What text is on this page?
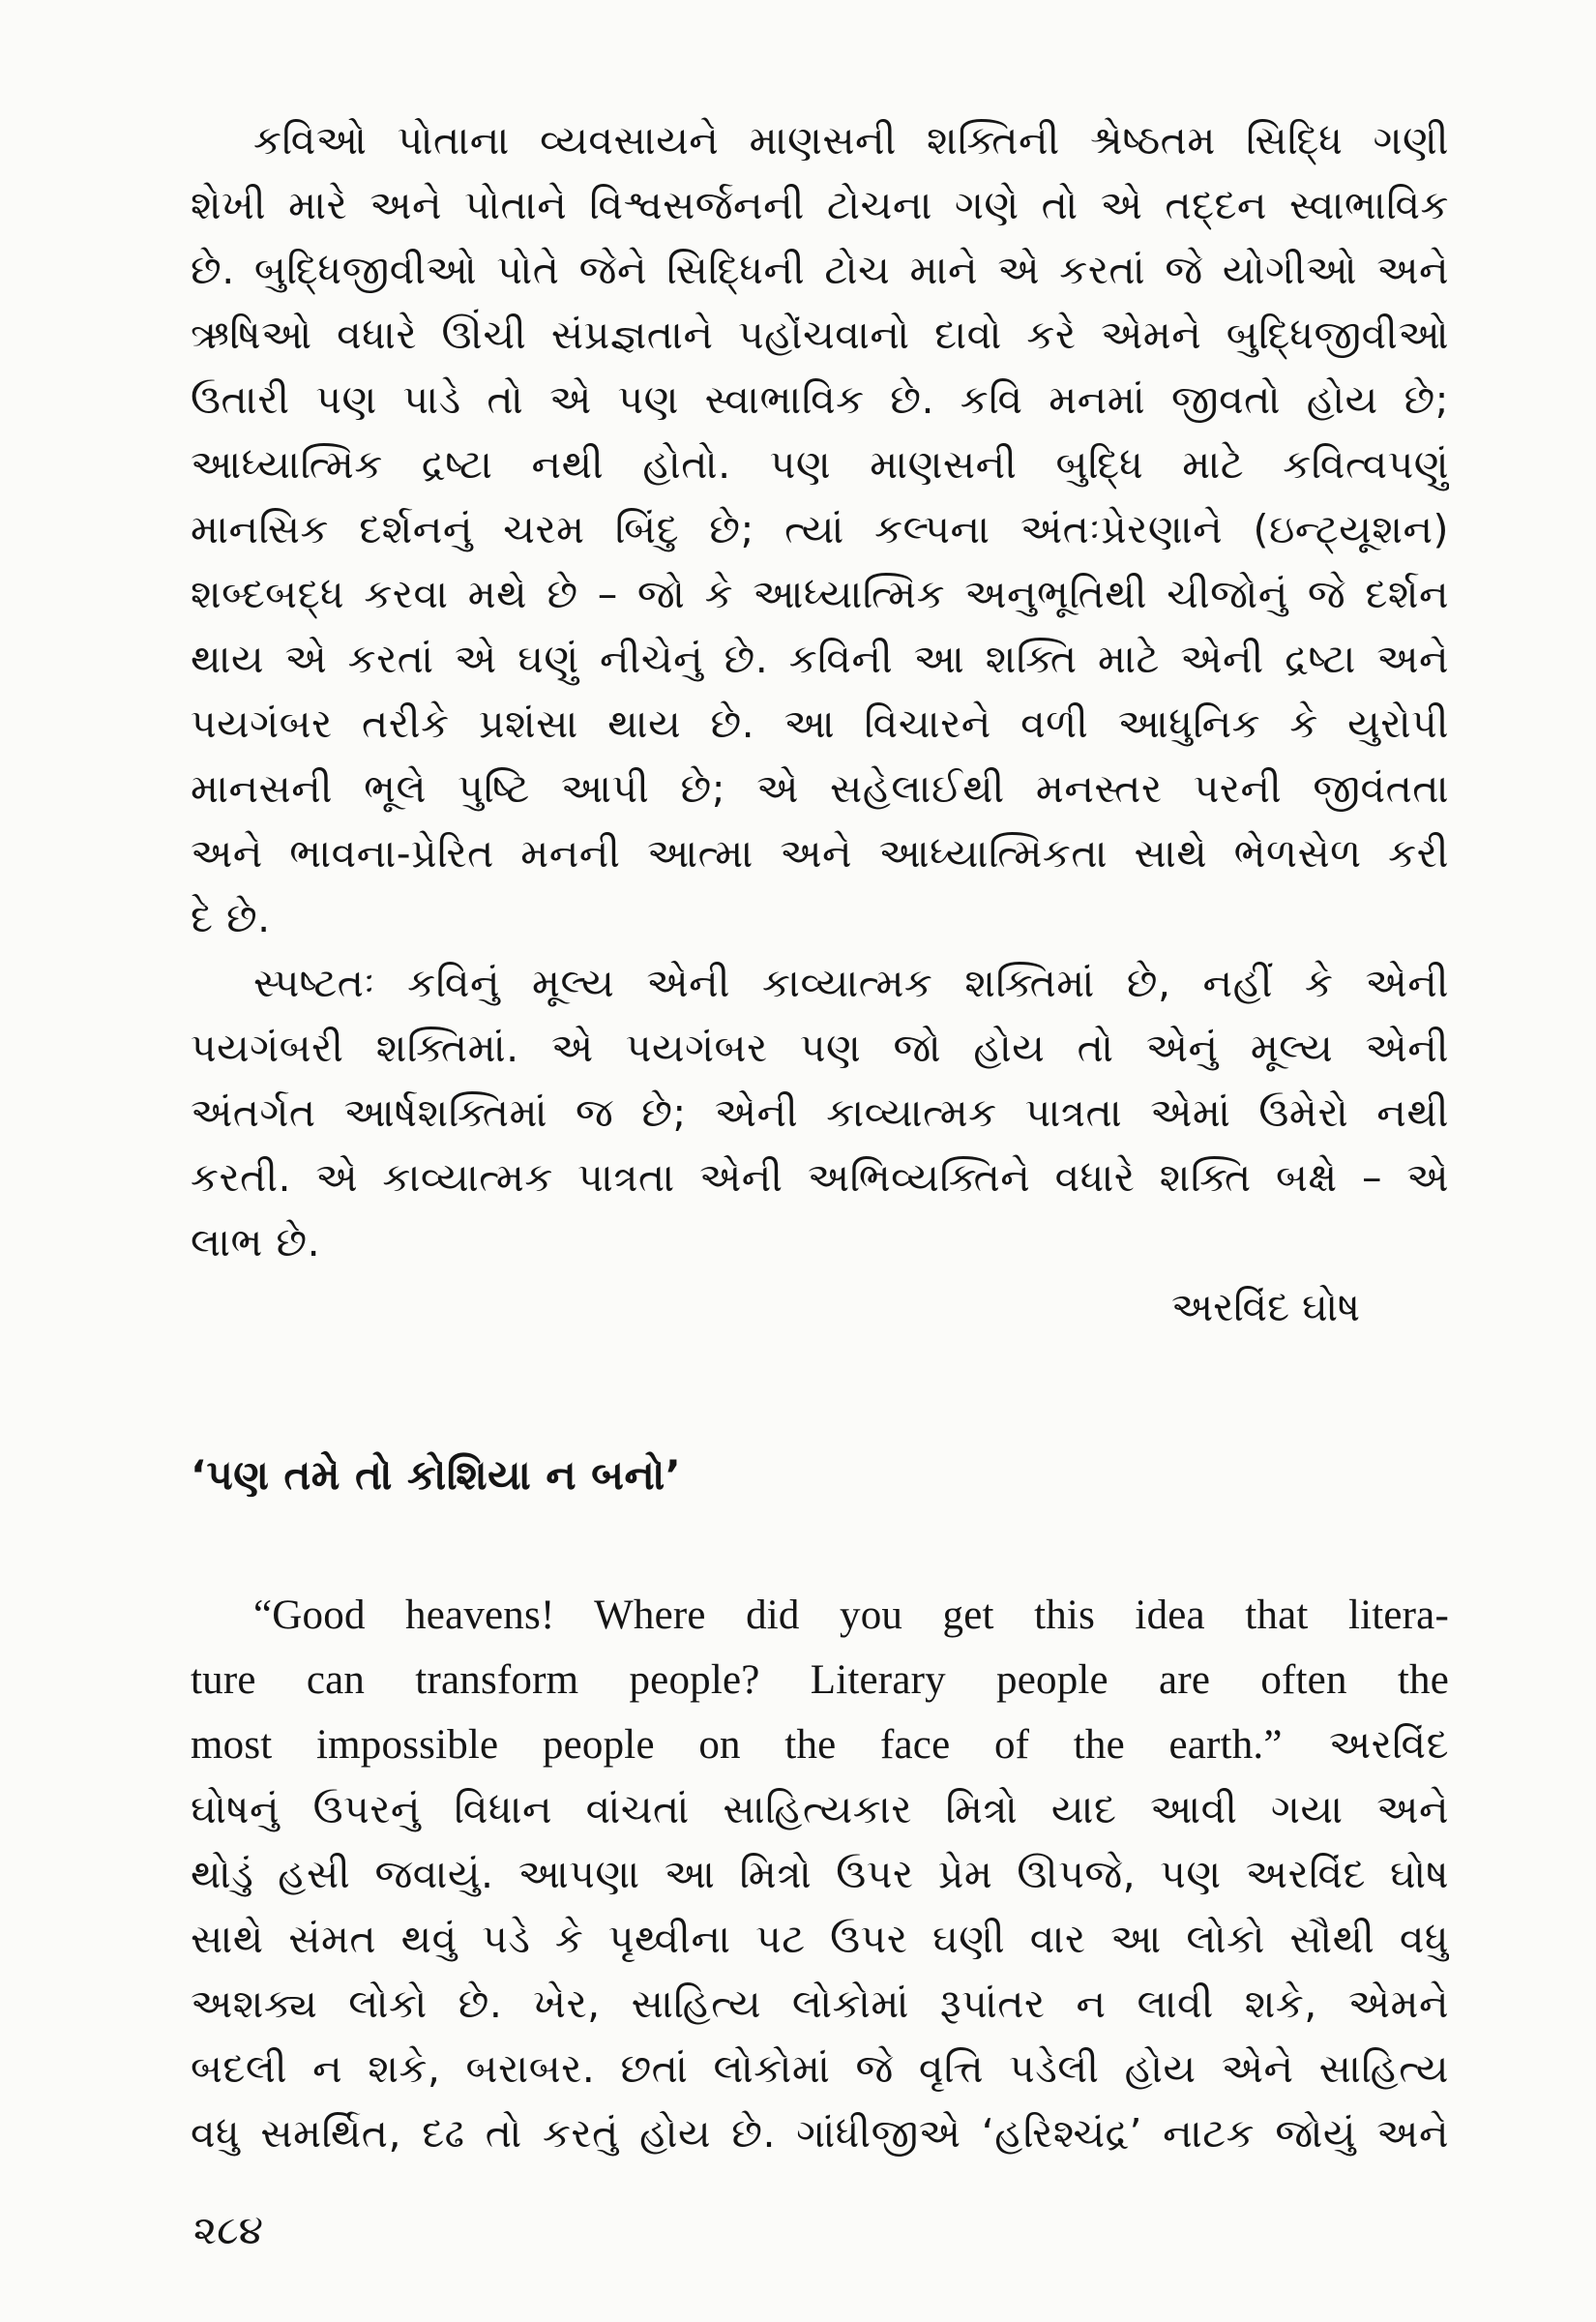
કવિઓ પોતાના વ્યવસાયને માણસની શક્તિની શ્રેષ્ઠતમ સિદ્ધિ ગણી
શેખી મારે અને પોતાને વિશ્વસર્જનની ટોચના ગણે તો એ તદ્દન સ્વાભાવિક
છે. બુદ્ધિજીવીઓ પોતે જેને સિદ્ધિની ટોચ માને એ કરતાં જે યોગીઓ અને
ઋષિઓ વધારે ઊંચી સંપ્રજ્ઞતાને પહોંચવાનો દાવો કરે એમને બુદ્ધિજીવીઓ
ઉતારી પણ પાડે તો એ પણ સ્વાભાવિક છે. કવિ મનમાં જીવતો હોય છે;
આધ્યાત્મિક દ્રષ્ટા નથી હોતો. પણ માણસની બુદ્ધિ માટે કવિત્વપણું
માનસિક દર્શનનું ચરમ બિંદુ છે; ત્યાં કલ્પના અંતઃપ્રેરણાને (ઇન્ટ્યૂશન)
શબ્દબદ્ધ કરવા મથે છે – જો કે આધ્યાત્મિક અનુભૂતિથી ચીજોનું જે દર્શન
થાય એ કરતાં એ ઘણું નીચેનું છે. કવિની આ શક્તિ માટે એની દ્રષ્ટા અને
પયગંબર તરીકે પ્રશંસા થાય છે. આ વિચારને વળી આધુનિક કે યુરોપી
માનસની ભૂલે પુષ્ટિ આપી છે; એ સહેલાઈથી મનસ્તર પરની જીવંતતા
અને ભાવના-પ્રેરિત મનની આત્મા અને આધ્યાત્મિકતા સાથે ભેળસેળ કરી
દે છે.
સ્પષ્ટતઃ કવિનું મૂલ્ય એની કાવ્યાત્મક શક્તિમાં છે, નહીં કે એની
પયગંબરી શક્તિમાં. એ પયગંબર પણ જો હોય તો એનું મૂલ્ય એની
અંતર્ગત આર્ષશક્તિમાં જ છે; એની કાવ્યાત્મક પાત્રતા એમાં ઉમેરો નથી
કરતી. એ કાવ્યાત્મક પાત્રતા એની અભિવ્યક્તિને વધારે શક્તિ બક્ષે – એ
લાભ છે.
અરવિંદ ઘોષ
‘પણ તમે તો કોશિયા ન બનો’
“Good heavens! Where did you get this idea that litera-
ture can transform people? Literary people are often the
most impossible people on the face of the earth.” અરવિંદ
ઘોષનું ઉપરનું વિધાન વાંચતાં સાહિત્યકાર મિત્રો યાદ આવી ગયા અને
થોડું હસી જવાયું. આપણા આ મિત્રો ઉપર પ્રેમ ઊપજે, પણ અરવિંદ ઘોષ
સાથે સંમત થવું પડે કે પૃથ્વીના પટ ઉપર ઘણી વાર આ લોકો સૌથી વધુ
અશક્ય લોકો છે. ખેર, સાહિત્ય લોકોમાં રૂપાંતર ન લાવી શકે, એમને
બદલી ન શકે, બરાબર. છતાં લોકોમાં જે વૃત્તિ પડેલી હોય એને સાહિત્ય
વધુ સમર્થિત, દઢ તો કરતું હોય છે. ગાંધીજીએ ‘હરિશ્ચંદ્ર’ નાટક જોયું અને
૨૮૪
